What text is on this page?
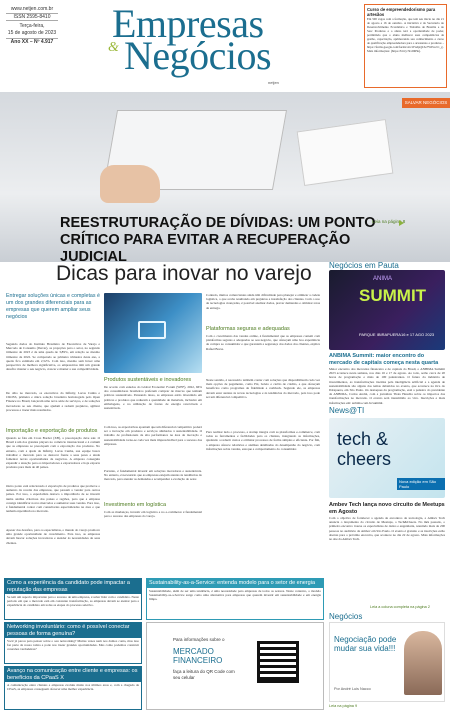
www.netjen.com.br
ISSN 2595-8410
Terça-feira,
15 de agosto de 2023
Ano XX – Nº 4.917 Empresas
& Negócios
netjen
Curso de empreendedorismo para artesãos
Em 500 vagas com a formação, que tem seu início no dia 21 de agosto e 16 de outubro. A iniciativa é da Secretaria do Desenvolvimento Econômico e Trabalho de Brasília e do Sesc Produtos e o aluno terá a oportunidade de poder, permitindo que o aluno melhorar suas competências de gestão, capacitação, aprimorando seu conhecimento e curso de qualificação empreendedora para o artesanato e produtos – https://forms.google.com/forms/d/e/1FAIpQLSe7WPw2c1_g. Mais informações: (https://bit.ly/3Cd9iHo).
SALVAR NEGÓCIOS
REESTRUTURAÇÃO DE DÍVIDAS: UM PONTO CRÍTICO PARA EVITAR A RECUPERAÇÃO JUDICIAL
Leia na página 8
Dicas para inovar no varejo
Entregar soluções únicas e completas é um dos grandes diferenciais para as empresas que querem ampliar seus negócios
Segundo dados do Instituto Brasileiro de Executivos de Varejo e Mercado de Consumo (Ibevar), as projeções para o setor, no segundo trimestre de 2023 é de uma queda de 3,89%, em relação ao mesmo trimestre de 2022. Se comparado ao primeiro trimestre deste ano, a queda fica estimada em 2,52%. Com isso, mesmo sem haver uma perspectiva de melhora significativa, os empresários têm um grande desafio: manter o seu negócio, crescer e manter a sua competitividade.
De olho no mercado, os executivos da Infinity, Lucas Cunha e CROSS, primeira e única solução brasileira homologada pelo Open Finance no Brasil, lançaram uma nova série de serviços, e de soluções inovadoras ao seu cliente, que ajudam a reduzir prejuízos, agilizar processos e trazer mais resultados.
Importação e exportação de produtos
Quando se fala em Cross Border (XB), a preocupação deve sair. O Brasil é um dos grandes players no comércio internacional e é comum que as empresas se preocupem com a exportação dos produtos. No entanto, com a ajuda da Infinity, Lucas Cunha, sua equipe busca trabalhar o mercado para se destacar frente a seus pares e ainda fomentar novas oportunidades de negócios. A empresa conseguiu expandir a atuação para os importadores e exportadores e hoje exporta produtos para mais de 40 países.
Outro ponto está relacionado à exportação de produtos que promove o aumento da receita das empresas, que passam a vender para outros países. Por isso, o especialista destaca a importância de se investir numa análise criteriosa dos países e regiões, para que a empresa consiga identificar novos mercados e aumentar suas vendas. Para isso, é fundamental contar com consultorias especializadas na área e que tenham experiência no mercado.
Apesar dos desafios, para os especialistas, o mundo do varejo promove uma grande oportunidade de crescimento. Para isso, as empresas devem buscar soluções inovadoras e atender às necessidades de seus clientes.
Produtos sustentáveis e inovadores
De acordo com estudos do Global Economic Forum (WEF), 2022, 66% dos consumidores brasileiros preferem comprar de marcas que tenham práticas sustentáveis. Pensando nisso, as empresas estão investindo em práticas e produtos que reduzam a quantidade de materiais, inclusive em embalagens, e na utilização de fontes de energia renováveis e sustentáveis.
Com isso, as expectativas apontam que um diferencial competitivo poderá ser a inovação em produtos e serviços alinhados à sustentabilidade. O trabalho de profissionais de alta performance na área de inovação e sustentabilidade torna-se cada vez mais imprescindível para o sucesso das empresas.
Portanto, é fundamental investir em soluções inovadoras e sustentáveis. No entanto, é necessário que as empresas estejam atentas às tendências do mercado, para atender as demandas e acompanhar a evolução do setor.
Investimento em logística
Com as mudanças, investir em logística e no e-commerce é fundamental para o sucesso das empresas do varejo.
Contudo, muitos comerciantes ainda têm dificuldade para planejar e otimizar a cadeia logística, o que acaba resultando em prejuízos e insatisfação dos clientes. Com o uso de tecnologias avançadas, é possível analisar dados, prever demandas e otimizar rotas de entrega.
Plataformas seguras e adequadas
Com o crescimento das vendas online, é fundamental que as empresas contem com plataformas seguras e adequadas ao seu negócio, que ofereçam uma boa experiência de compra ao consumidor e que garantam a segurança dos dados dos clientes, explica Rafael Borsa.
Neste sentido, é necessário também contar com soluções que disponibilizem cada vez mais opções de pagamento, como Pix, boleto e cartão de crédito, e que ofereçam benefícios como programas de fidelidade e cashback. Segundo ele, as empresas devem estar atentas às novas tecnologias e às tendências do mercado, pois isso pode ser um diferencial competitivo.
Para realizar tudo o processo, a startup integra com as plataformas e-commerce, com todas as ferramentas e facilidades para os clientes, integrando as informações, ajudando a reduzir custos e otimizar processos de forma simples e eficiente. Por fim, a empresa oferece relatórios e análises detalhadas do desempenho do negócio, com informações sobre vendas, estoque e comportamento do consumidor.
Negócios em Pauta
ANIMA
SUMMIT
PARQUE IBIRAPUERA 16 e 17 AGO 2023
ANBIMA Summit: maior encontro do mercado de capitais começa nesta quarta
Maior encontro dos mercados financeiro e de capitais do Brasil, o ANBIMA Summit 2023 acontece nesta semana, nos dias 16 e 17 de agosto. Ao todo, serão cerca de 20 horas de programação e mais de 100 palestrantes. O futuro da indústria de investimentos, as transformações trazidas pela inteligência artificial e a agenda de sustentabilidade são alguns dos temas debatidos no evento, que acontece na Oca do Ibirapuera, em São Paulo. Os destaques da programação, está a palestra do presidente da ANBIMA, Carlos André, com a jornalista Thais Heredia sobre os impactos das transformações no mercado. O evento será transmitido ao vivo. Inscrições e mais informações em: anbima.com.br/summit.
News@TI
tech &
cheers
Nova edição em São Paulo
Ambev Tech lança novo circuito de Meetups em Agosto
Com o objetivo de fortalecer a agenda de encontros de tecnologia, a Ambev Tech anuncia o lançamento do circuito de Meetups, o Tech&Cheers. No mês passado, o primeiro encontro trouxe os especialistas de dados e engenharia, reunindo mais de 200 pessoas no auditório da Ambev em São Paulo. O evento é gratuito e as inscrições estão abertas para o próximo encontro, que acontece no dia 22 de agosto. Mais informações no site da Ambev Tech.
Leia a coluna completa na página 2
Negócios
Negociação pode mudar sua vida!!!
Por André Luis Nacco
Leia na página 9
Como a experiência da candidato pode impactar a reputação das empresas
Se tem um aspecto importante para o sucesso de uma empresa, é saber lidar com o candidato. Neste período em que o mercado está em constante transformação, as empresas devem se atentar para a experiência do candidato em todas as etapas do processo seletivo.
Networking involuntário: como é possível conectar pessoas de forma genuína?
Você já parou para pensar sobre o seu networking? Muitas vezes nem nos damos conta, mas isso faz parte da nossa rotina e pode nos trazer grandes oportunidades. Mas como podemos construir conexões verdadeiras?
Avanço na comunicação entre cliente e empresas: os benefícios da CPaaS X
A comunicação entre clientes e empresas evoluiu muito nos últimos anos e, com a chegada da CPaaS, as empresas conseguem oferecer uma melhor experiência.
Sustainability-as-a-Service: entenda modelo para o setor de energia
Sustentabilidade, além de ser uma tendência, é uma necessidade para empresas de todos os setores. Neste contexto, o modelo Sustainability-as-a-Service surge como uma alternativa para empresas que querem investir em sustentabilidade e em energia limpa.
Para informações sobre o
MERCADO FINANCEIRO
faça a leitura do QR Code com seu celular
